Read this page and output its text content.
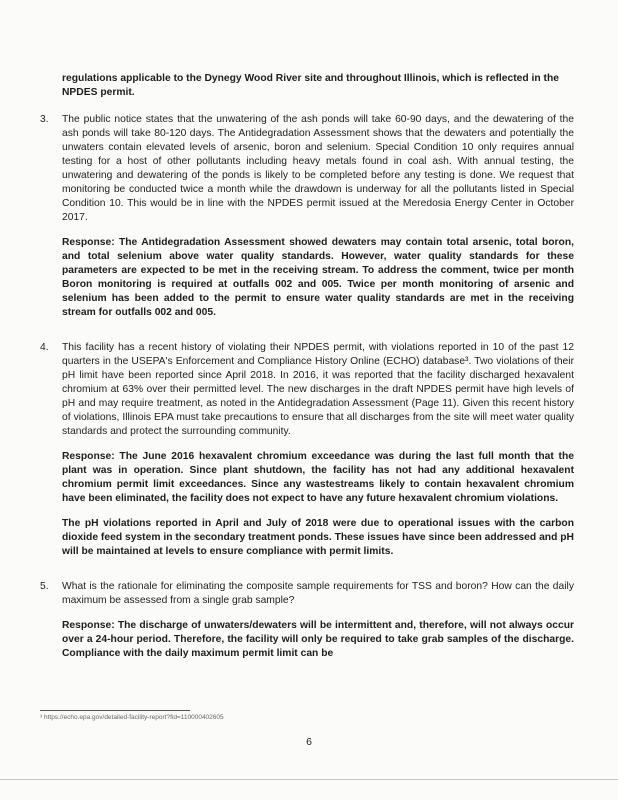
regulations applicable to the Dynegy Wood River site and throughout Illinois, which is reflected in the NPDES permit.
3.	The public notice states that the unwatering of the ash ponds will take 60-90 days, and the dewatering of the ash ponds will take 80-120 days. The Antidegradation Assessment shows that the dewaters and potentially the unwaters contain elevated levels of arsenic, boron and selenium. Special Condition 10 only requires annual testing for a host of other pollutants including heavy metals found in coal ash. With annual testing, the unwatering and dewatering of the ponds is likely to be completed before any testing is done. We request that monitoring be conducted twice a month while the drawdown is underway for all the pollutants listed in Special Condition 10. This would be in line with the NPDES permit issued at the Meredosia Energy Center in October 2017.

Response: The Antidegradation Assessment showed dewaters may contain total arsenic, total boron, and total selenium above water quality standards. However, water quality standards for these parameters are expected to be met in the receiving stream. To address the comment, twice per month Boron monitoring is required at outfalls 002 and 005. Twice per month monitoring of arsenic and selenium has been added to the permit to ensure water quality standards are met in the receiving stream for outfalls 002 and 005.

4.	This facility has a recent history of violating their NPDES permit, with violations reported in 10 of the past 12 quarters in the USEPA's Enforcement and Compliance History Online (ECHO) database³. Two violations of their pH limit have been reported since April 2018. In 2016, it was reported that the facility discharged hexavalent chromium at 63% over their permitted level. The new discharges in the draft NPDES permit have high levels of pH and may require treatment, as noted in the Antidegradation Assessment (Page 11). Given this recent history of violations, Illinois EPA must take precautions to ensure that all discharges from the site will meet water quality standards and protect the surrounding community.

Response: The June 2016 hexavalent chromium exceedance was during the last full month that the plant was in operation. Since plant shutdown, the facility has not had any additional hexavalent chromium permit limit exceedances. Since any wastestreams likely to contain hexavalent chromium have been eliminated, the facility does not expect to have any future hexavalent chromium violations.

The pH violations reported in April and July of 2018 were due to operational issues with the carbon dioxide feed system in the secondary treatment ponds. These issues have since been addressed and pH will be maintained at levels to ensure compliance with permit limits.

5.	What is the rationale for eliminating the composite sample requirements for TSS and boron? How can the daily maximum be assessed from a single grab sample?

Response: The discharge of unwaters/dewaters will be intermittent and, therefore, will not always occur over a 24-hour period. Therefore, the facility will only be required to take grab samples of the discharge. Compliance with the daily maximum permit limit can be

³ https://echo.epa.gov/detailed-facility-report?fid=110000402605
6
